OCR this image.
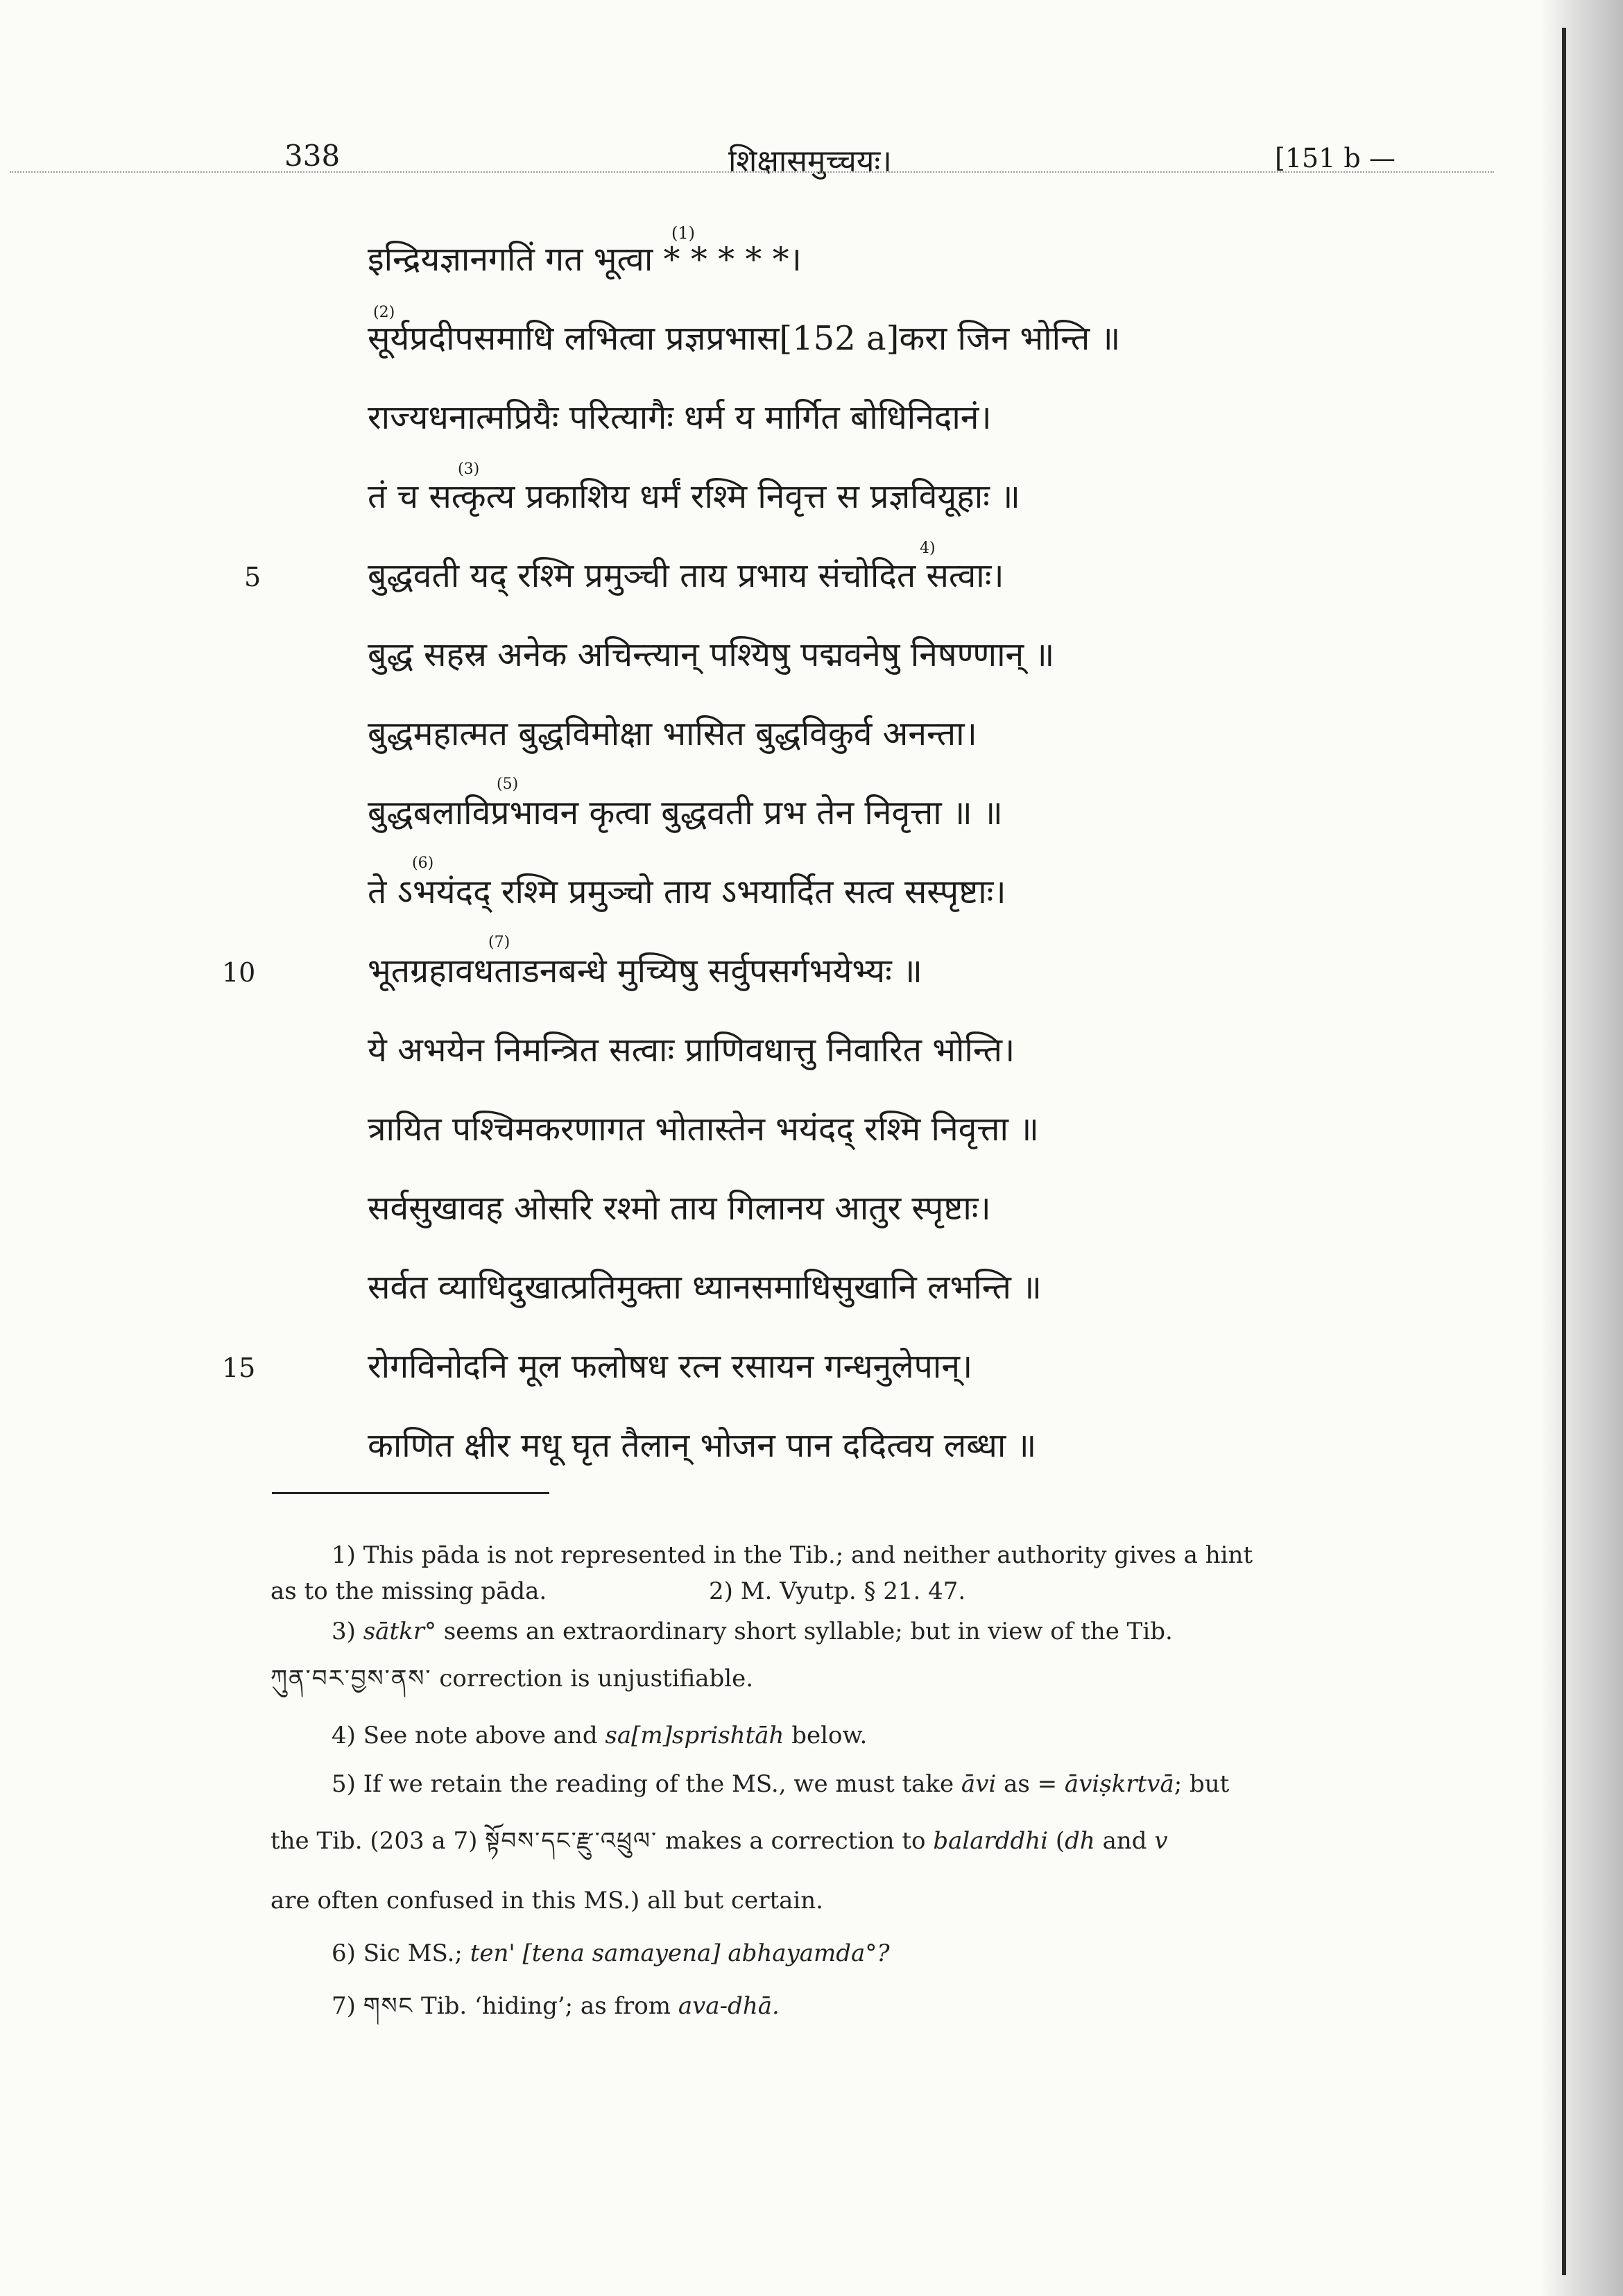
338	शिक्षासमुच्चयः।	[151 b —
इन्द्रियज्ञानगतिं गत भूत्वा * * * * *।
सूर्यप्रदीपसमाधि लभित्वा प्रज्ञप्रभास[152 a]करा जिन भोन्ति ॥
राज्यधनात्मप्रियैः परित्यागैः धर्म य मार्गित बोधिनिदानं।
तं च सत्कृत्य प्रकाशिय धर्मं रश्मि निवृत्त स प्रज्ञवियूहाः ॥
बुद्धवती यद् रश्मि प्रमुञ्ची ताय प्रभाय संचोदित सत्वाः।
बुद्ध सहस्र अनेक अचिन्त्यान् पश्यिषु पद्मवनेषु निषण्णान् ॥
बुद्धमहात्मत बुद्धविमोक्षा भासित बुद्धविकुर्व अनन्ता।
बुद्धबलाविप्रभावन कृत्वा बुद्धवती प्रभ तेन निवृत्ता ॥ ॥
ते ऽभयंदद् रश्मि प्रमुञ्चो ताय ऽभयार्दित सत्व सस्पृष्टाः।
भूतग्रहावधताडनबन्धे मुच्यिषु सर्वुपसर्गभयेभ्यः ॥
ये अभयेन निमन्त्रित सत्वाः प्राणिवधात्तु निवारित भोन्ति।
त्रायित पश्चिमकरणागत भोतास्तेन भयंदद् रश्मि निवृत्ता ॥
सर्वसुखावह ओसरि रश्मो ताय गिलानय आतुर स्पृष्टाः।
सर्वत व्याधिदुखात्प्रतिमुक्ता ध्यानसमाधिसुखानि लभन्ति ॥
रोगविनोदनि मूल फलोषध रत्न रसायन गन्धनुलेपान्।
काणित क्षीर मधू घृत तैलान् भोजन पान ददित्वय लब्धा ॥
(1)
(2)
(3)
4)
(5)
(6)
(7)
5
10
15
1) This pāda is not represented in the Tib.; and neither authority gives a hint
as to the missing pāda.	2) M. Vyutp. § 21. 47.
3) sātkr° seems an extraordinary short syllable; but in view of the Tib.
ཀུན་བར་བྱས་ནས་ correction is unjustifiable.
4) See note above and sa[m]sprishtāh below.
5) If we retain the reading of the MS., we must take āvi as = āviṣkrtvā; but
the Tib. (203 a 7) སྟོབས་དང་རྫུ་འཕྲུལ་ makes a correction to balarddhi (dh and v
are often confused in this MS.) all but certain.
6) Sic MS.; ten' [tena samayena] abhayamda°?
7) གསང Tib. ‘hiding’; as from ava-dhā.
